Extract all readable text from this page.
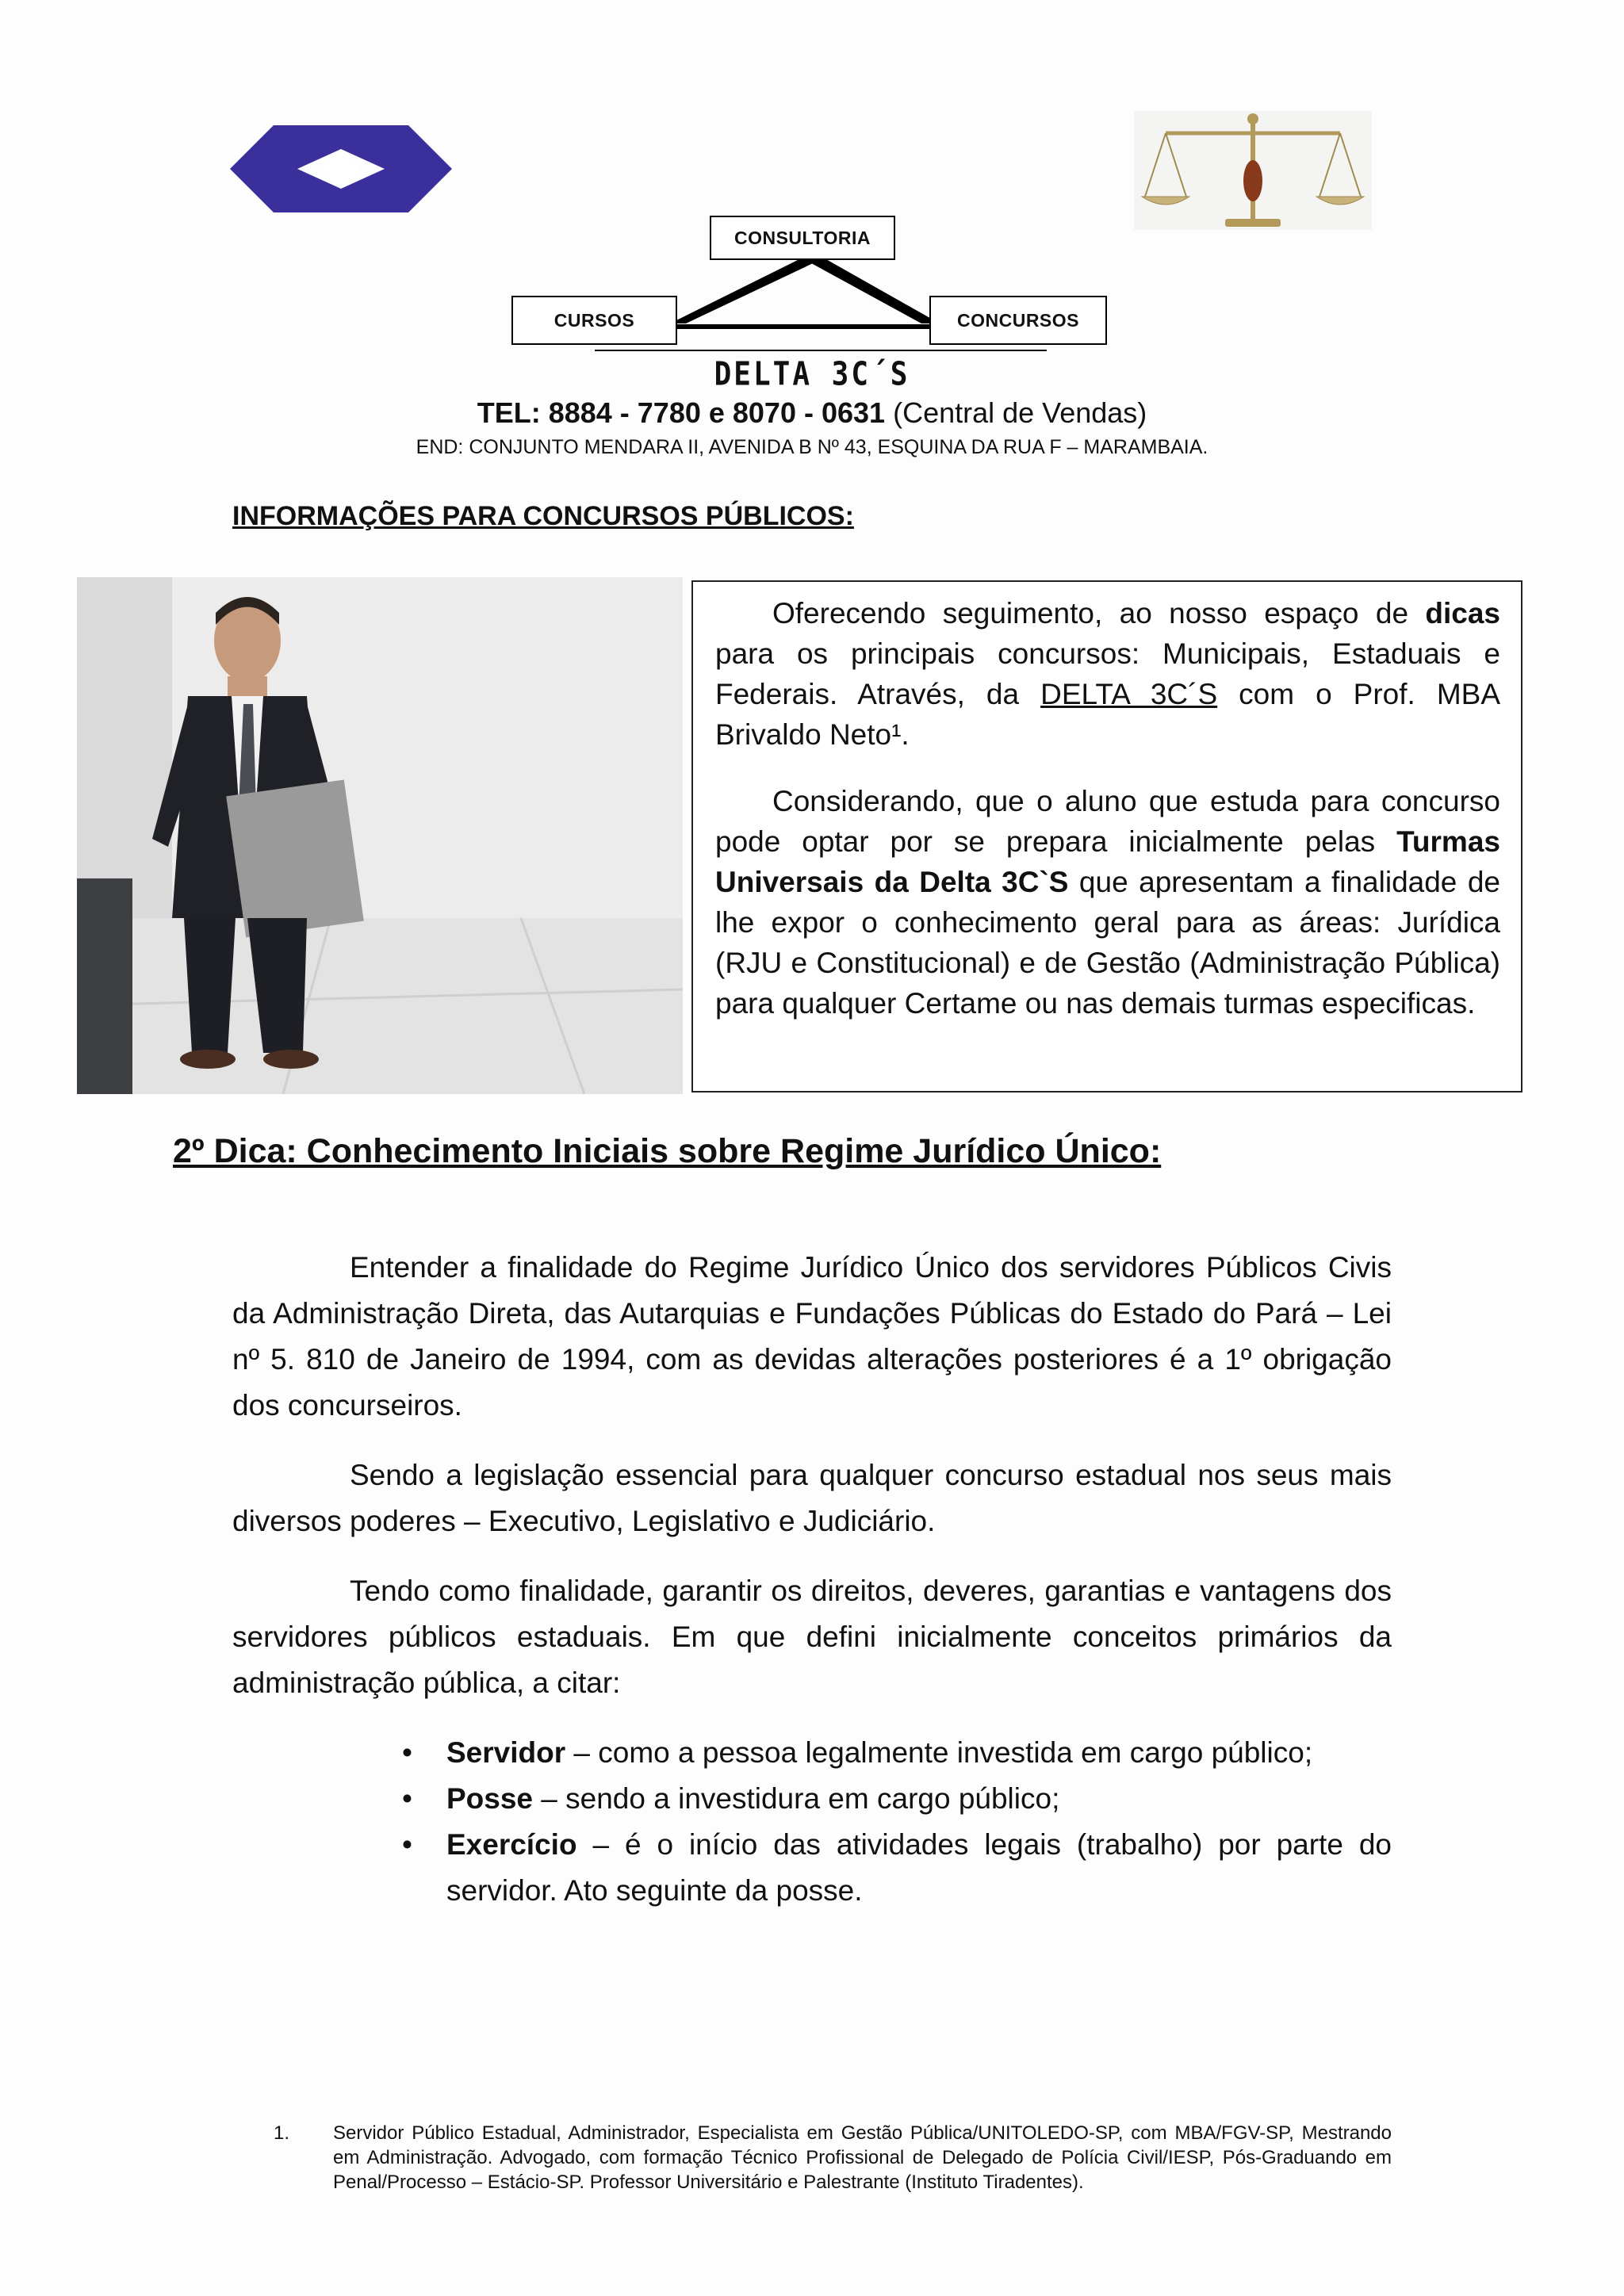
CONSULTORIA
CURSOS	CONCURSOS
DELTA 3C´S
TEL: 8884 - 7780 e 8070 - 0631 (Central de Vendas)
END: CONJUNTO MENDARA II, AVENIDA B Nº 43, ESQUINA DA RUA F – MARAMBAIA.
INFORMAÇÕES PARA CONCURSOS PÚBLICOS:

Oferecendo seguimento, ao nosso espaço de dicas para os principais concursos: Municipais, Estaduais e Federais. Através, da DELTA 3C´S com o Prof. MBA Brivaldo Neto¹.

Considerando, que o aluno que estuda para concurso pode optar por se prepara inicialmente pelas Turmas Universais da Delta 3C`S que apresentam a finalidade de lhe expor o conhecimento geral para as áreas: Jurídica (RJU e Constitucional) e de Gestão (Administração Pública) para qualquer Certame ou nas demais turmas especificas.

2º Dica: Conhecimento Iniciais sobre Regime Jurídico Único:

Entender a finalidade do Regime Jurídico Único dos servidores Públicos Civis da Administração Direta, das Autarquias e Fundações Públicas do Estado do Pará – Lei nº 5. 810 de Janeiro de 1994, com as devidas alterações posteriores é a 1º obrigação dos concurseiros.

Sendo a legislação essencial para qualquer concurso estadual nos seus mais diversos poderes – Executivo, Legislativo e Judiciário.

Tendo como finalidade, garantir os direitos, deveres, garantias e vantagens dos servidores públicos estaduais. Em que defini inicialmente conceitos primários da administração pública, a citar:

• Servidor – como a pessoa legalmente investida em cargo público;
• Posse – sendo a investidura em cargo público;
• Exercício – é o início das atividades legais (trabalho) por parte do servidor. Ato seguinte da posse.
1. Servidor Público Estadual, Administrador, Especialista em Gestão Pública/UNITOLEDO-SP, com MBA/FGV-SP, Mestrando em Administração. Advogado, com formação Técnico Profissional de Delegado de Polícia Civil/IESP, Pós-Graduando em Penal/Processo – Estácio-SP. Professor Universitário e Palestrante (Instituto Tiradentes).
